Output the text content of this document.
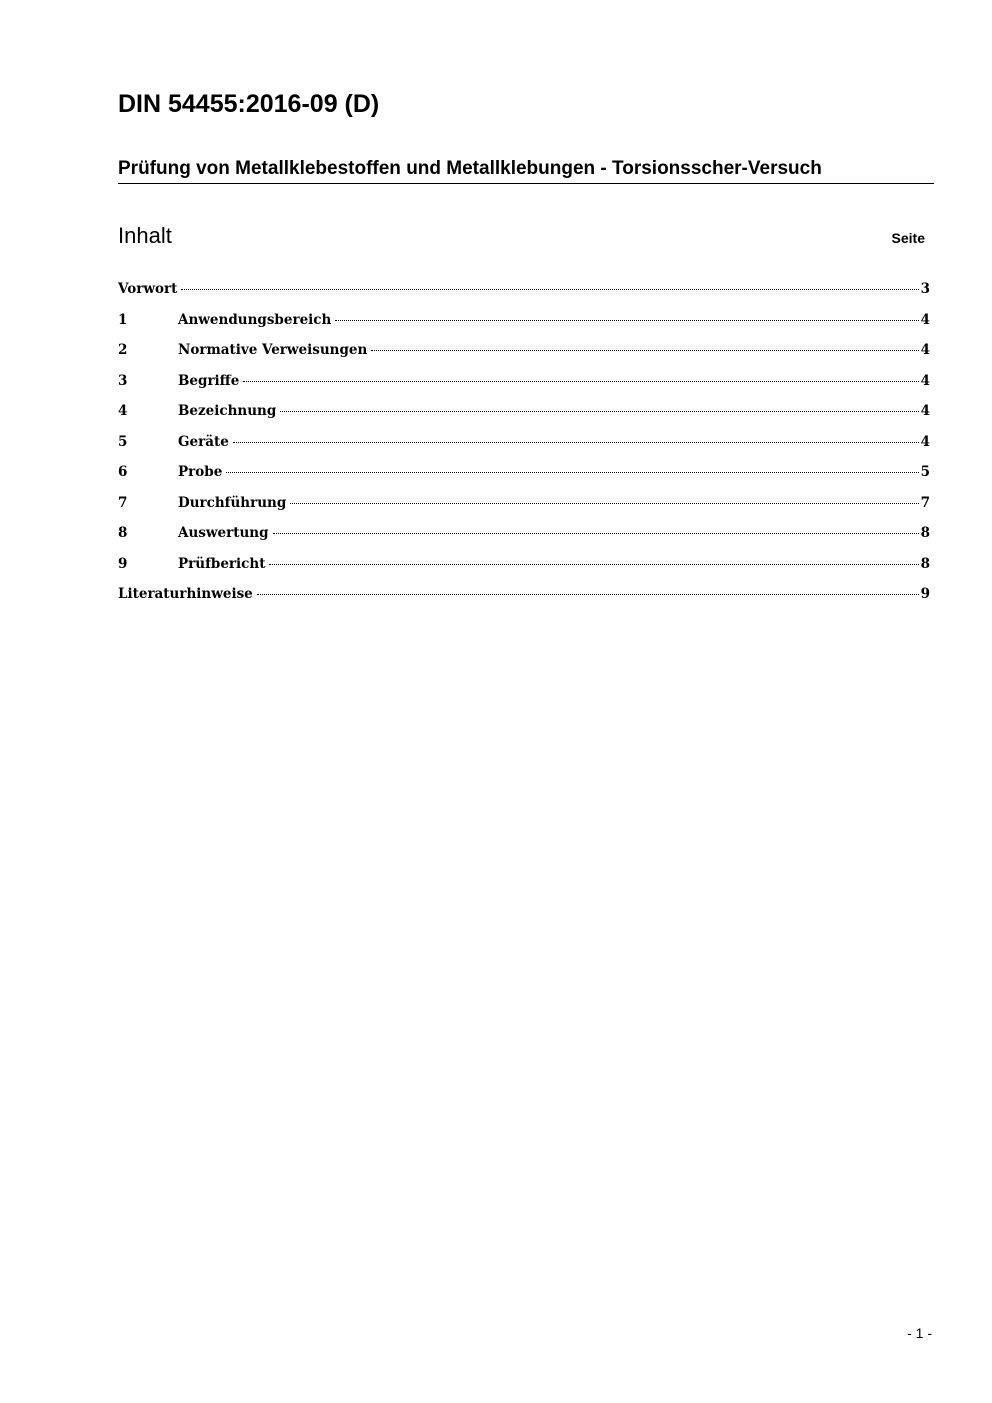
DIN 54455:2016-09 (D)
Prüfung von Metallklebestoffen und Metallklebungen - Torsionsscher-Versuch
Inhalt	Seite
Vorwort	3
1	Anwendungsbereich	4
2	Normative Verweisungen	4
3	Begriffe	4
4	Bezeichnung	4
5	Geräte	4
6	Probe	5
7	Durchführung	7
8	Auswertung	8
9	Prüfbericht	8
Literaturhinweise	9
- 1 -
